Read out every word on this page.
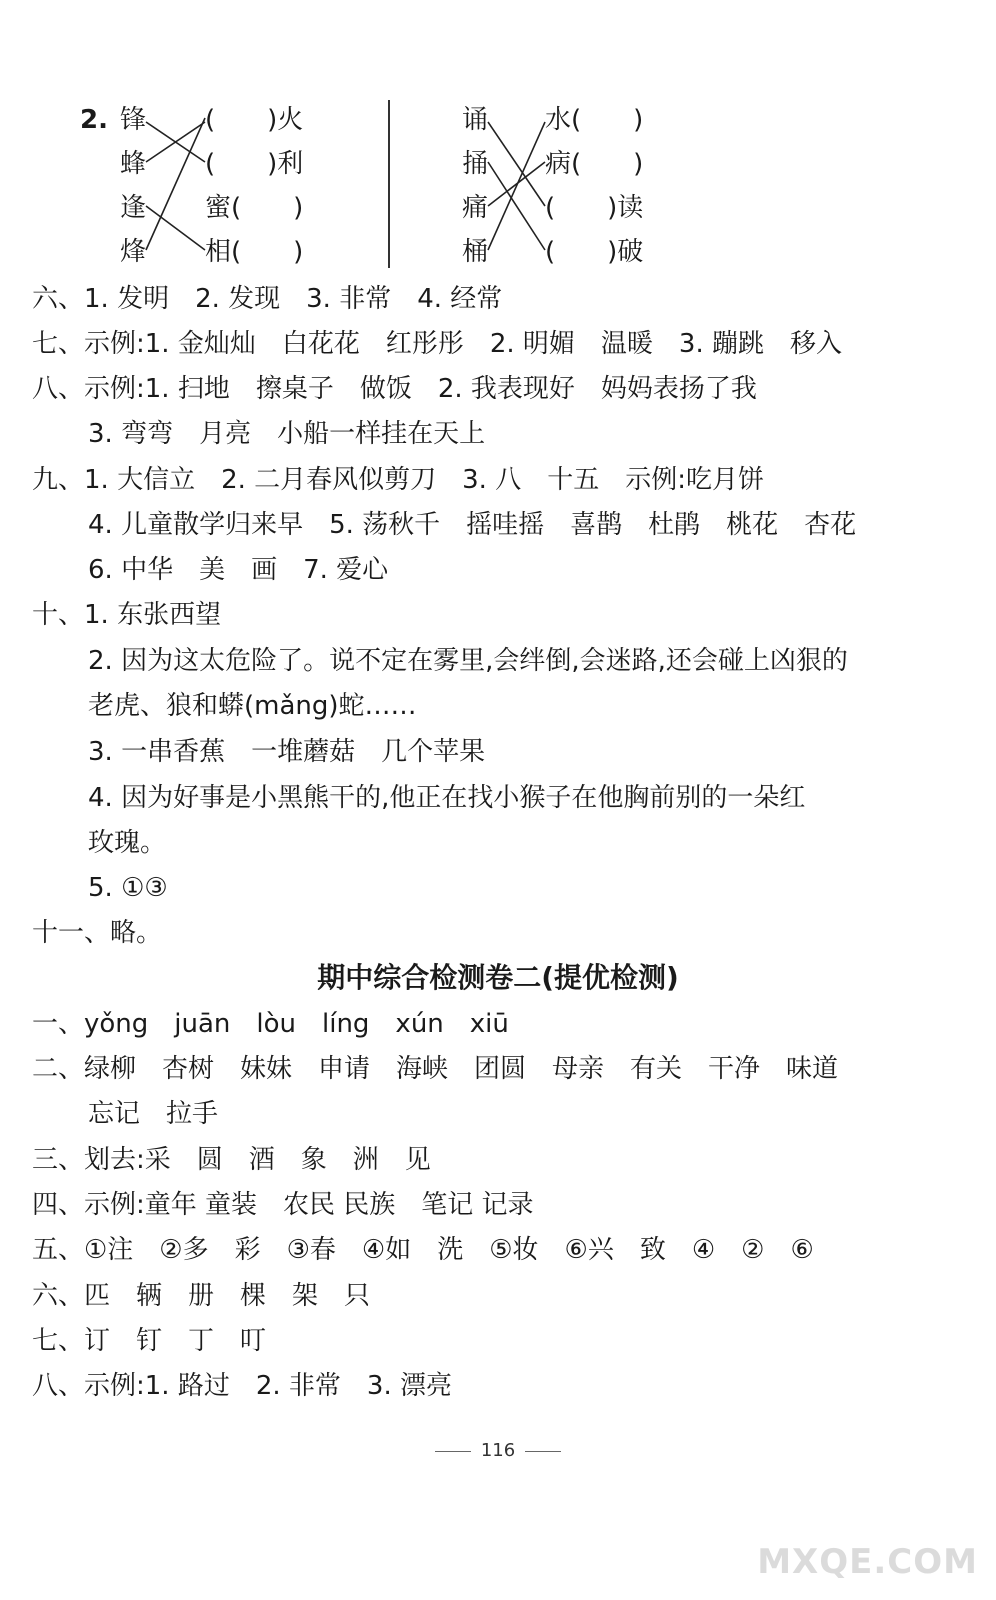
2. 锋
蜂
逢
烽
(　　)火
(　　)利
蜜(　　)
相(　　)
诵
捅
痛
桶
水(　　)
病(　　)
(　　)读
(　　)破
六、1. 发明　2. 发现　3. 非常　4. 经常
七、示例:1. 金灿灿　白花花　红彤彤　2. 明媚　温暖　3. 蹦跳　移入
八、示例:1. 扫地　擦桌子　做饭　2. 我表现好　妈妈表扬了我
3. 弯弯　月亮　小船一样挂在天上
九、1. 大信立　2. 二月春风似剪刀　3. 八　十五　示例:吃月饼
4. 儿童散学归来早　5. 荡秋千　摇哇摇　喜鹊　杜鹃　桃花　杏花
6. 中华　美　画　7. 爱心
十、1. 东张西望
2. 因为这太危险了。说不定在雾里,会绊倒,会迷路,还会碰上凶狠的
老虎、狼和蟒(mǎng)蛇……
3. 一串香蕉　一堆蘑菇　几个苹果
4. 因为好事是小黑熊干的,他正在找小猴子在他胸前别的一朵红
玫瑰。
5. ①③
十一、略。
期中综合检测卷二(提优检测)
一、yǒng　juān　lòu　líng　xún　xiū
二、绿柳　杏树　妹妹　申请　海峡　团圆　母亲　有关　干净　味道
忘记　拉手
三、划去:采　圆　酒　象　洲　见
四、示例:童年 童装　农民 民族　笔记 记录
五、①注　②多　彩　③春　④如　洗　⑤妆　⑥兴　致　④　②　⑥
六、匹　辆　册　棵　架　只
七、订　钉　丁　叮
八、示例:1. 路过　2. 非常　3. 漂亮
116
MXQE.COM
